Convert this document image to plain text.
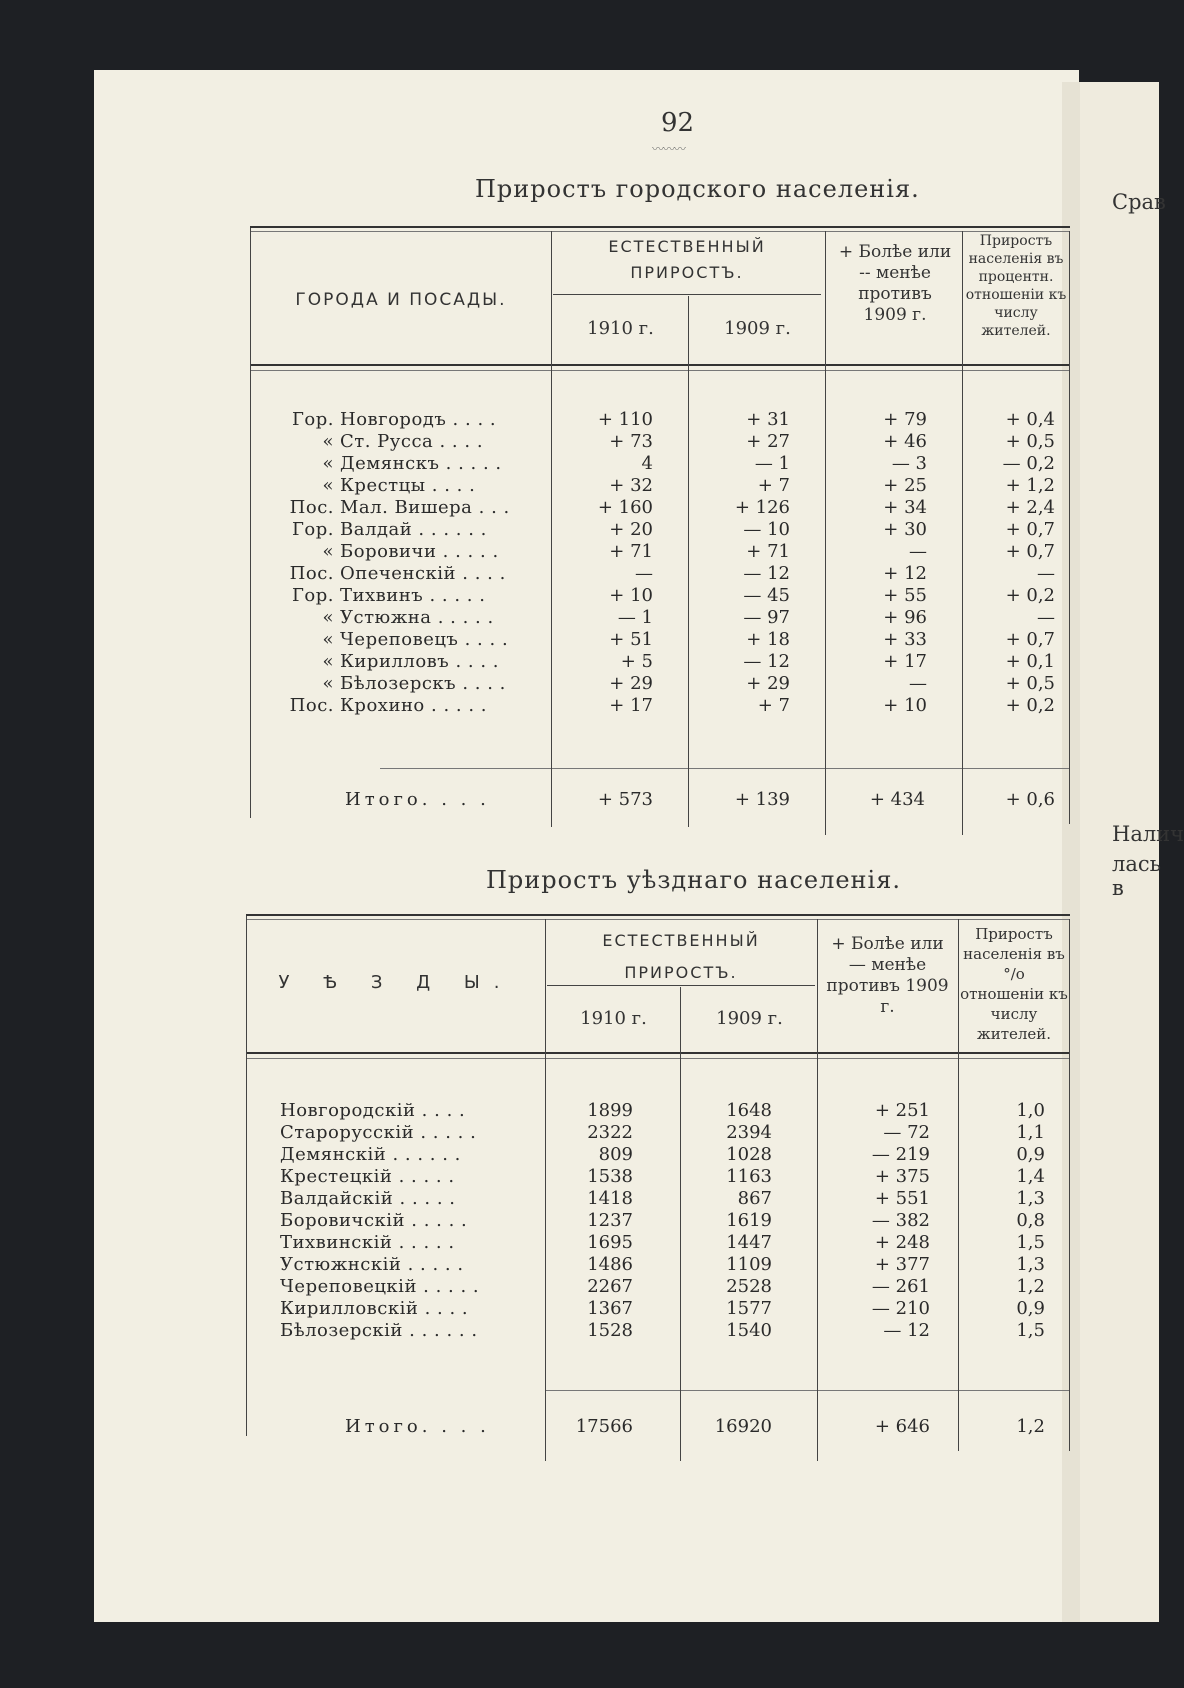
Срав
Налич
лась в
92
〰〰〰
Приростъ городского населенія.
ГОРОДА И ПОСАДЫ.
ЕСТЕСТВЕННЫЙ ПРИРОСТЪ.
1910 г.	1909 г.
+ Болѣе или -- менѣе противъ 1909 г.
Приростъ населенія въ процентн. отношеніи къ числу жителей.
Гор. Новгородъ . . . .	+ 110	+ 31	+ 79	+ 0,4
« Ст. Русса . . . .	+ 73	+ 27	+ 46	+ 0,5
« Демянскъ . . . . .	4	— 1	— 3	— 0,2
« Крестцы . . . .	+ 32	+ 7	+ 25	+ 1,2
Пос. Мал. Вишера . . .	+ 160	+ 126	+ 34	+ 2,4
Гор. Валдай . . . . . .	+ 20	— 10	+ 30	+ 0,7
« Боровичи . . . . .	+ 71	+ 71	—	+ 0,7
Пос. Опеченскій . . . .	—	— 12	+ 12	—
Гор. Тихвинъ . . . . .	+ 10	— 45	+ 55	+ 0,2
« Устюжна . . . . .	— 1	— 97	+ 96	—
« Череповецъ . . . .	+ 51	+ 18	+ 33	+ 0,7
« Кирилловъ . . . .	+ 5	— 12	+ 17	+ 0,1
« Бѣлозерскъ . . . .	+ 29	+ 29	—	+ 0,5
Пос. Крохино . . . . .	+ 17	+ 7	+ 10	+ 0,2
Итого. . . .	+ 573	+ 139	+ 434	+ 0,6
Приростъ уѣзднаго населенія.
У Ѣ З Д Ы.
ЕСТЕСТВЕННЫЙ ПРИРОСТЪ.
1910 г.	1909 г.
+ Болѣе или — менѣе противъ 1909 г.
Приростъ населенія въ °/о отношеніи къ числу жителей.
Новгородскій . . . .	1899	1648	+ 251	1,0
Старорусскій . . . . .	2322	2394	— 72	1,1
Демянскій . . . . . .	809	1028	— 219	0,9
Крестецкій . . . . .	1538	1163	+ 375	1,4
Валдайскій . . . . .	1418	867	+ 551	1,3
Боровичскій . . . . .	1237	1619	— 382	0,8
Тихвинскій . . . . .	1695	1447	+ 248	1,5
Устюжнскій . . . . .	1486	1109	+ 377	1,3
Череповецкій . . . . .	2267	2528	— 261	1,2
Кирилловскій . . . .	1367	1577	— 210	0,9
Бѣлозерскій . . . . . .	1528	1540	— 12	1,5
Итого. . . .	17566	16920	+ 646	1,2
